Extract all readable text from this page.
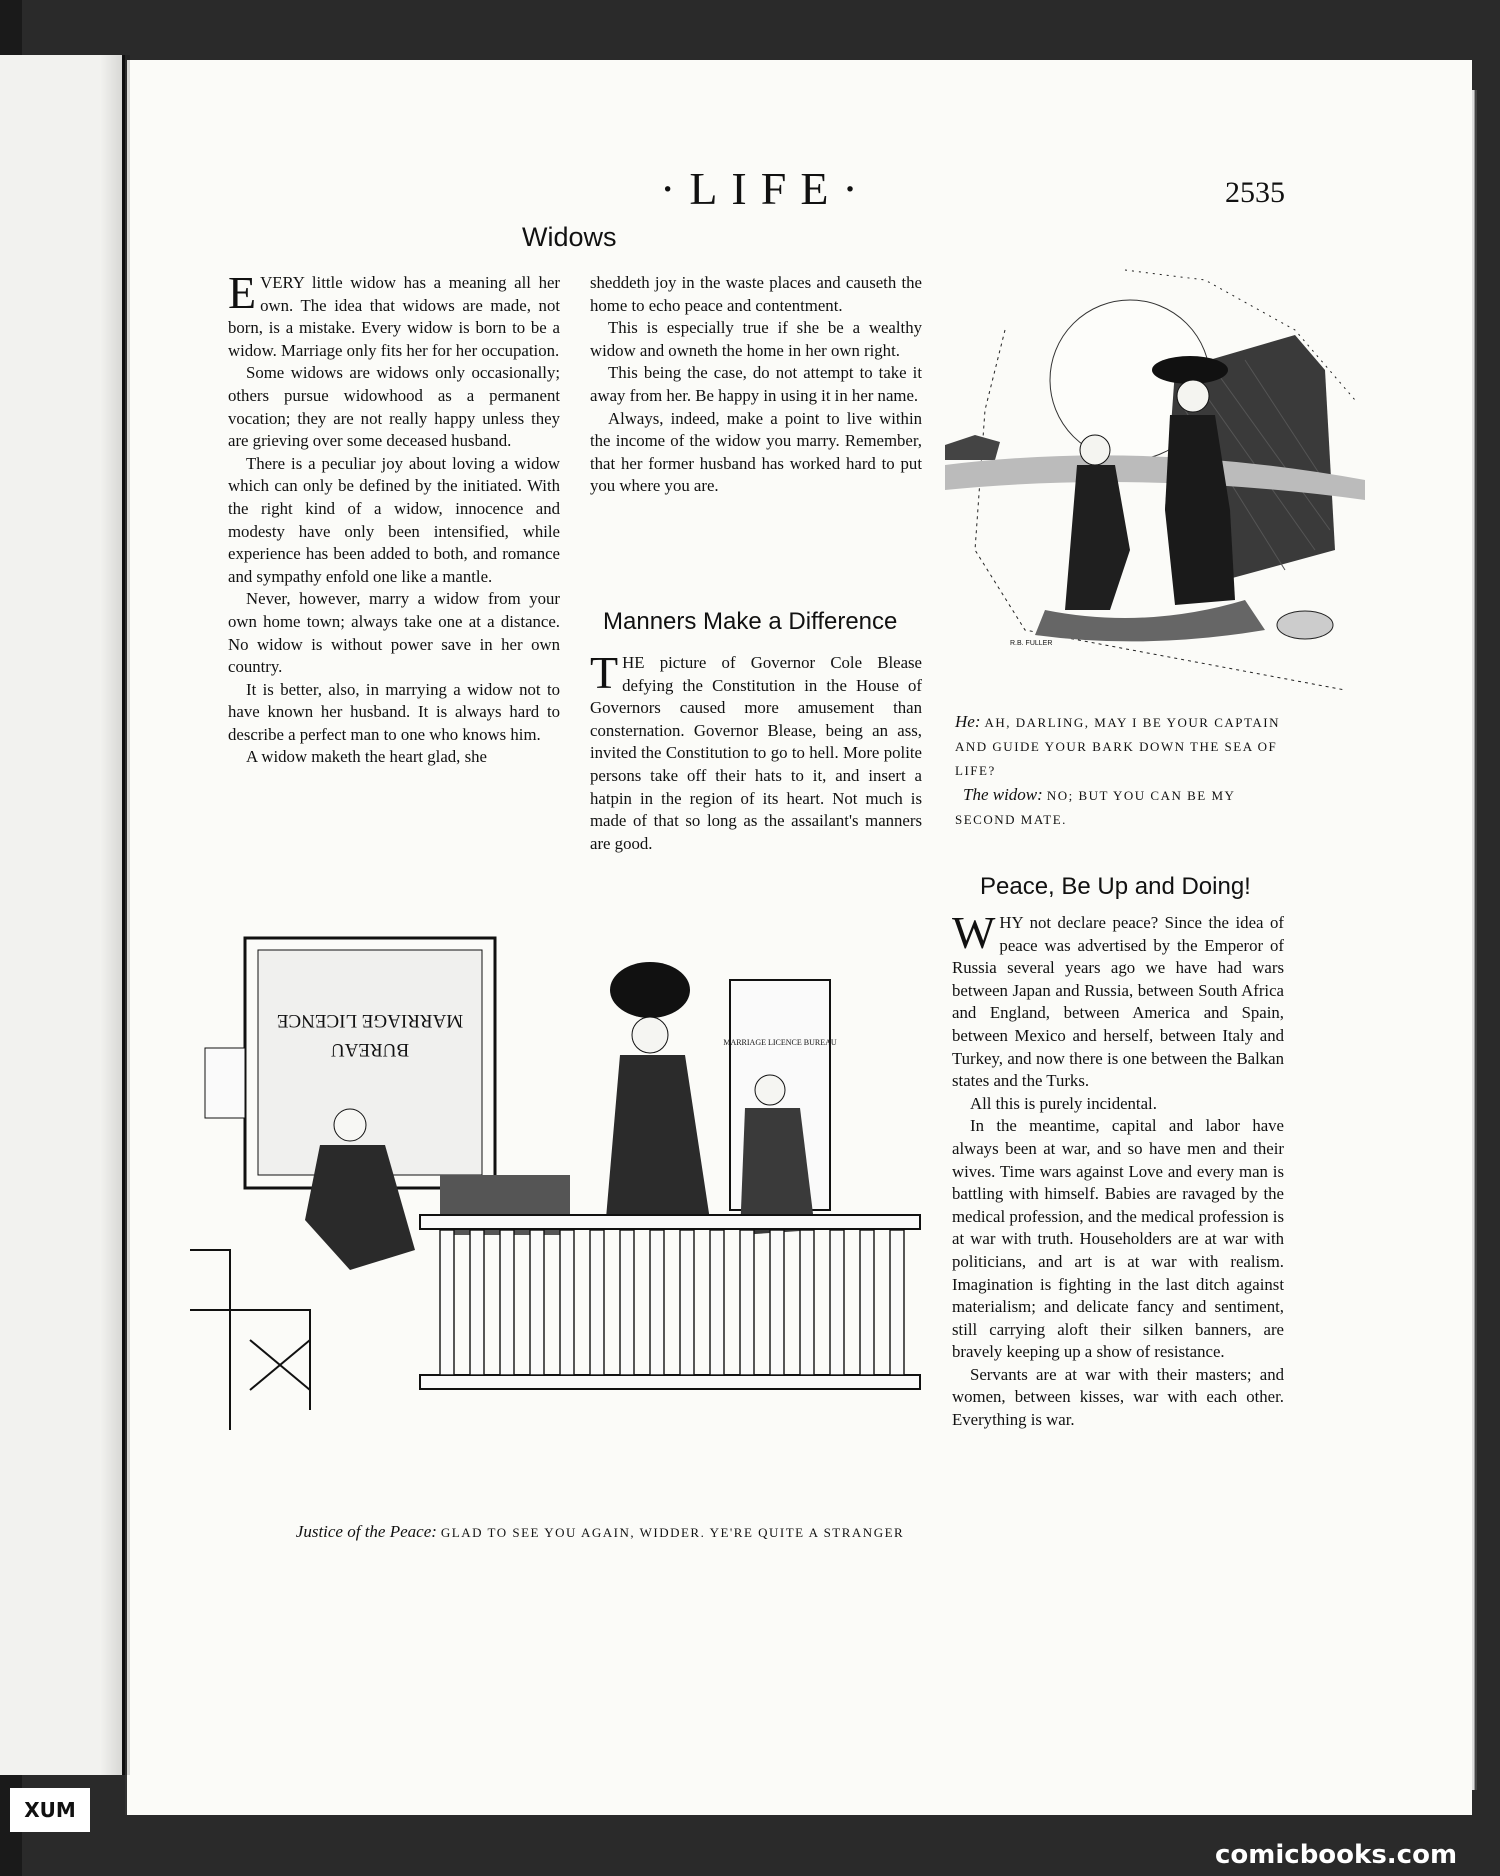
·LIFE·	2535
Widows

EVERY little widow has a meaning all her own. The idea that widows are made, not born, is a mistake. Every widow is born to be a widow. Marriage only fits her for her occupation.

Some widows are widows only occasionally; others pursue widowhood as a permanent vocation; they are not really happy unless they are grieving over some deceased husband.

There is a peculiar joy about loving a widow which can only be defined by the initiated. With the right kind of a widow, innocence and modesty have only been intensified, while experience has been added to both, and romance and sympathy enfold one like a mantle.

Never, however, marry a widow from your own home town; always take one at a distance. No widow is without power save in her own country.

It is better, also, in marrying a widow not to have known her husband. It is always hard to describe a perfect man to one who knows him.

A widow maketh the heart glad, she

sheddeth joy in the waste places and causeth the home to echo peace and contentment.

This is especially true if she be a wealthy widow and owneth the home in her own right.

This being the case, do not attempt to take it away from her. Be happy in using it in her name.

Always, indeed, make a point to live within the income of the widow you marry. Remember, that her former husband has worked hard to put you where you are.

Manners Make a Difference

THE picture of Governor Cole Blease defying the Constitution in the House of Governors caused more amusement than consternation. Governor Blease, being an ass, invited the Constitution to go to hell. More polite persons take off their hats to it, and insert a hatpin in the region of its heart. Not much is made of that so long as the assailant's manners are good.

R.B. FULLER
He: AH, DARLING, MAY I BE YOUR CAPTAIN AND GUIDE YOUR BARK DOWN THE SEA OF LIFE?
The widow: NO; BUT YOU CAN BE MY SECOND MATE.
MARRIAGE LICENCE
BUREAU	MARRIAGE LICENCE BUREAU
Justice of the Peace: GLAD TO SEE YOU AGAIN, WIDDER. YE'RE QUITE A STRANGER
Peace, Be Up and Doing!

WHY not declare peace? Since the idea of peace was advertised by the Emperor of Russia several years ago we have had wars between Japan and Russia, between South Africa and England, between America and Spain, between Mexico and herself, between Italy and Turkey, and now there is one between the Balkan states and the Turks.

All this is purely incidental.

In the meantime, capital and labor have always been at war, and so have men and their wives. Time wars against Love and every man is battling with himself. Babies are ravaged by the medical profession, and the medical profession is at war with truth. Householders are at war with politicians, and art is at war with realism. Imagination is fighting in the last ditch against materialism; and delicate fancy and sentiment, still carrying aloft their silken banners, are bravely keeping up a show of resistance.

Servants are at war with their masters; and women, between kisses, war with each other. Everything is war.

XUM
comicbooks.com
